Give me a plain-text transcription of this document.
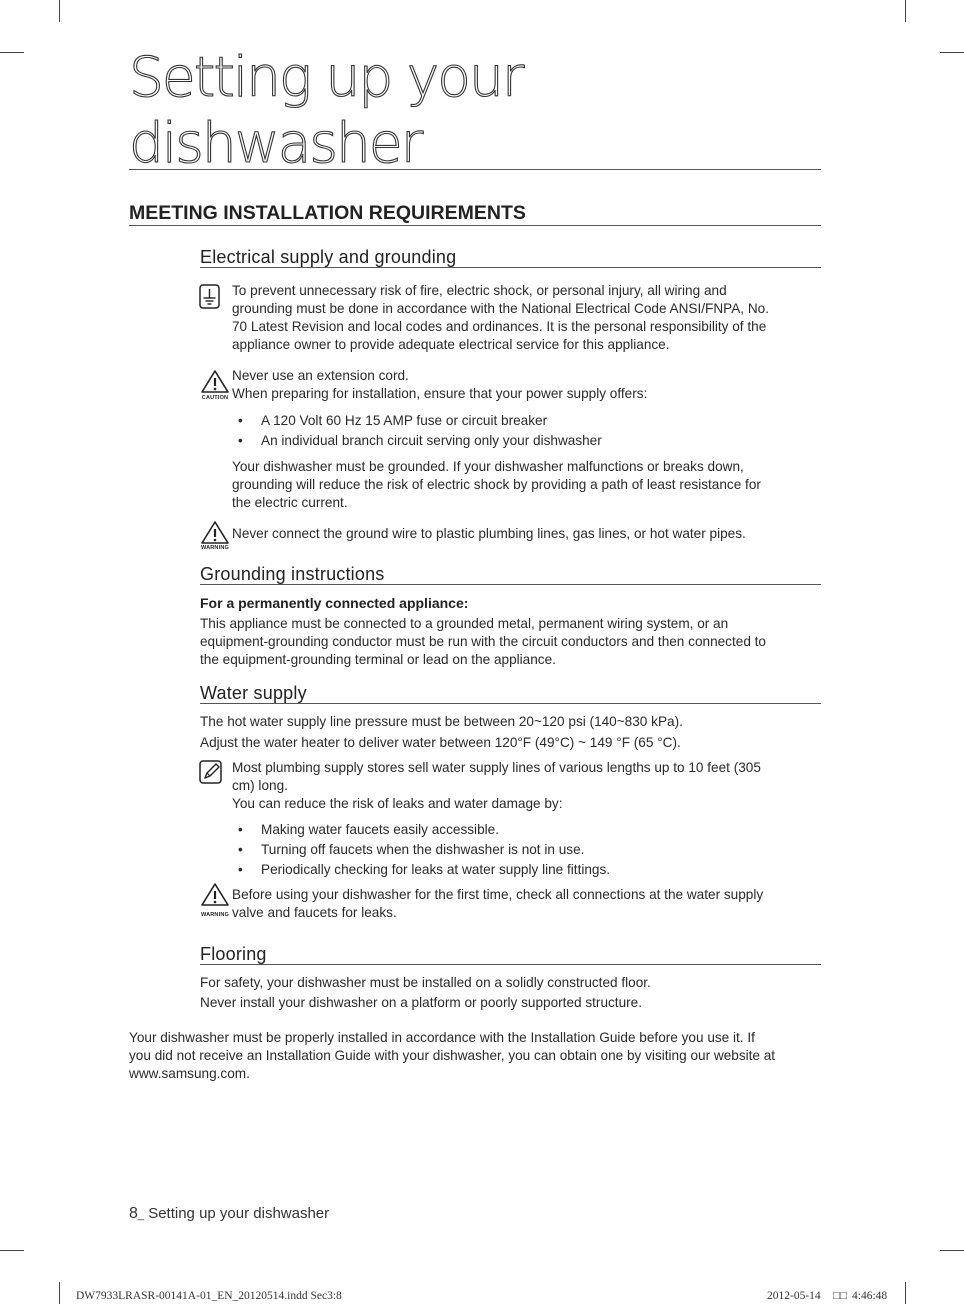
Setting up your dishwasher
MEETING INSTALLATION REQUIREMENTS
Electrical supply and grounding

To prevent unnecessary risk of fire, electric shock, or personal injury, all wiring and

grounding must be done in accordance with the National Electrical Code ANSI/FNPA, No.

70 Latest Revision and local codes and ordinances. It is the personal responsibility of the

appliance owner to provide adequate electrical service for this appliance.

CAUTION

Never use an extension cord.

When preparing for installation, ensure that your power supply offers:

A 120 Volt 60 Hz 15 AMP fuse or circuit breaker
An individual branch circuit serving only your dishwasher

Your dishwasher must be grounded. If your dishwasher malfunctions or breaks down,

grounding will reduce the risk of electric shock by providing a path of least resistance for

the electric current.

WARNING

Never connect the ground wire to plastic plumbing lines, gas lines, or hot water pipes.

Grounding instructions
For a permanently connected appliance:

This appliance must be connected to a grounded metal, permanent wiring system, or an

equipment-grounding conductor must be run with the circuit conductors and then connected to

the equipment-grounding terminal or lead on the appliance.

Water supply

The hot water supply line pressure must be between 20~120 psi (140~830 kPa).

Adjust the water heater to deliver water between 120°F (49°C) ~ 149 °F (65 °C).

Most plumbing supply stores sell water supply lines of various lengths up to 10 feet (305

cm) long.

You can reduce the risk of leaks and water damage by:

Making water faucets easily accessible.
Turning off faucets when the dishwasher is not in use.
Periodically checking for leaks at water supply line fittings.
WARNING

Before using your dishwasher for the first time, check all connections at the water supply

valve and faucets for leaks.

Flooring

For safety, your dishwasher must be installed on a solidly constructed floor.

Never install your dishwasher on a platform or poorly supported structure.

Your dishwasher must be properly installed in accordance with the Installation Guide before you use it. If

you did not receive an Installation Guide with your dishwasher, you can obtain one by visiting our website at

www.samsung.com.

8_ Setting up your dishwasher
DW7933LRASR-00141A-01_EN_20120514.indd Sec3:8	2012-05-14 □□ 4:46:48
